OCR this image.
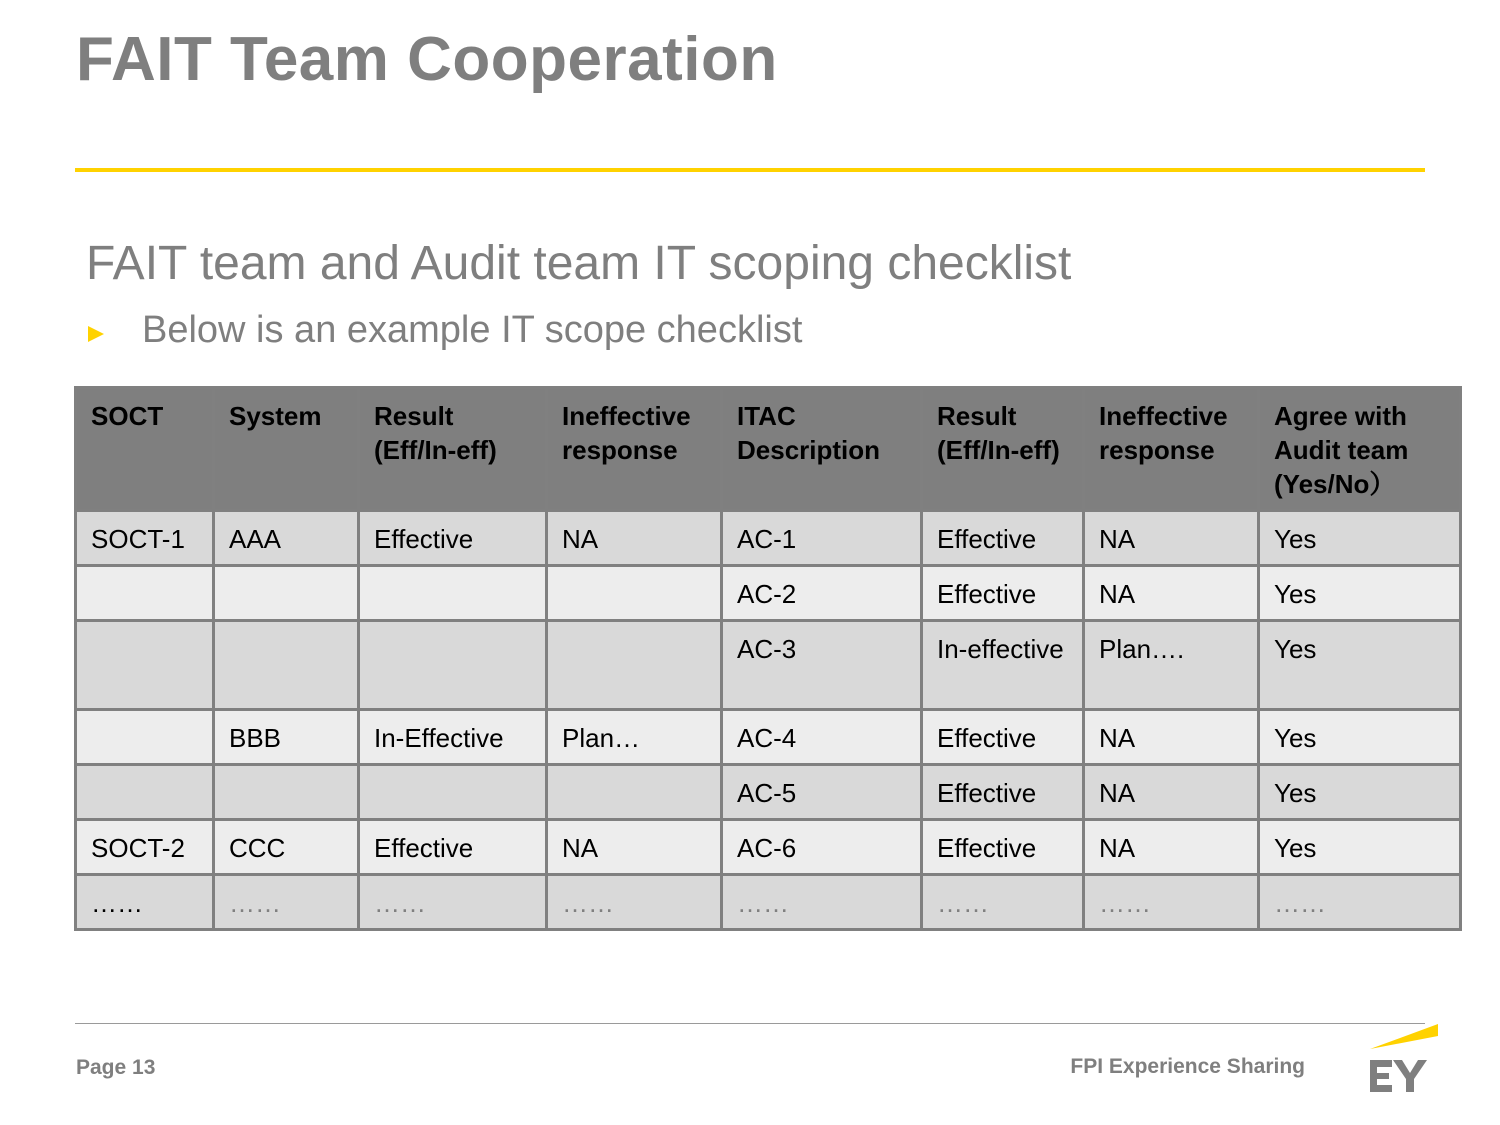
FAIT Team Cooperation
FAIT team and Audit team IT scoping checklist
Below is an example IT scope checklist
SOCT	System	Result (Eff/In-eff)	Ineffective response	ITAC Description	Result (Eff/In-eff)	Ineffective response	Agree with Audit team (Yes/No）
SOCT-1	AAA	Effective	NA	AC-1	Effective	NA	Yes
				AC-2	Effective	NA	Yes
				AC-3	In-effective	Plan….	Yes
	BBB	In-Effective	Plan…	AC-4	Effective	NA	Yes
				AC-5	Effective	NA	Yes
SOCT-2	CCC	Effective	NA	AC-6	Effective	NA	Yes
……	……	……	……	……	……	……	……
Page 13	FPI Experience Sharing
